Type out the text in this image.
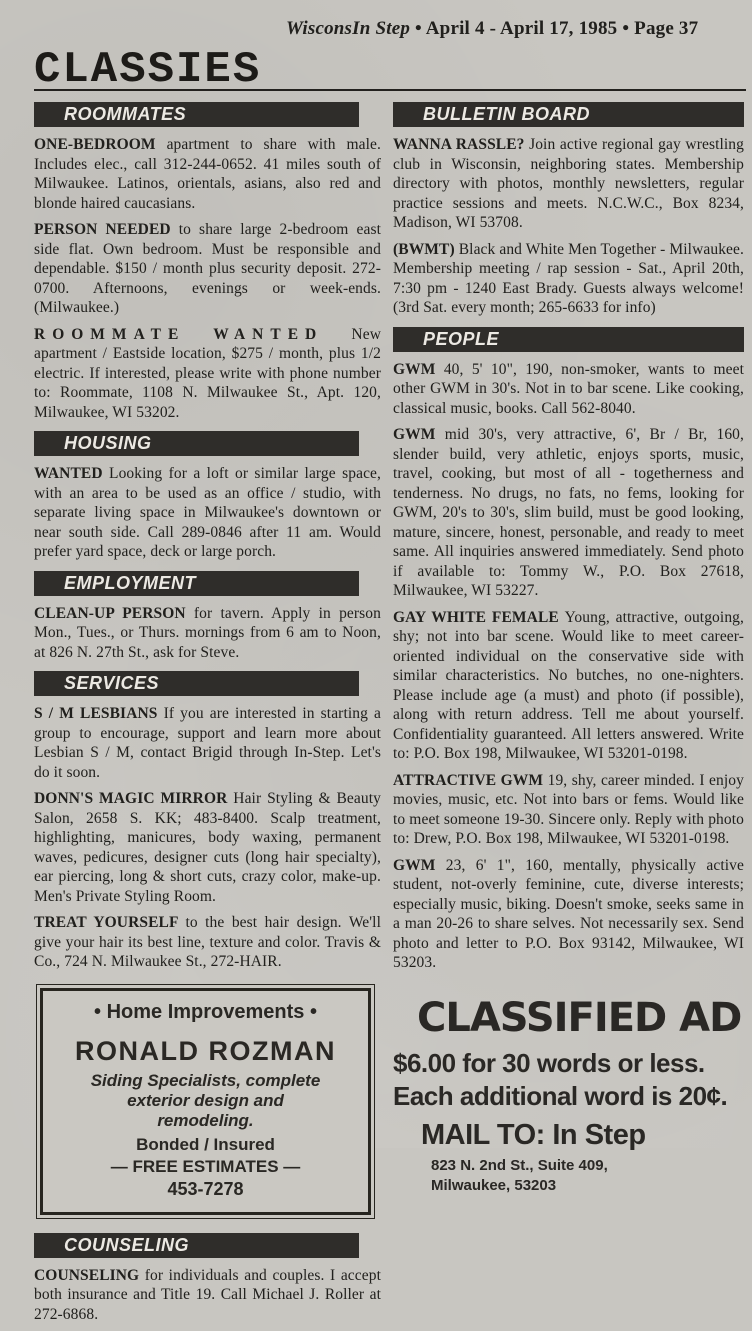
WisconsIn Step • April 4 - April 17, 1985 • Page 37
CLASSIES
ROOMMATES

ONE-BEDROOM apartment to share with male. Includes elec., call 312-244-0652. 41 miles south of Milwaukee. Latinos, orientals, asians, also red and blonde haired caucasians.

PERSON NEEDED to share large 2-bedroom east side flat. Own bedroom. Must be responsible and dependable. $150 / month plus security deposit. 272-0700. Afternoons, evenings or week-ends. (Milwaukee.)

ROOMMATE WANTED New apartment / Eastside location, $275 / month, plus 1/2 electric. If interested, please write with phone number to: Roommate, 1108 N. Milwaukee St., Apt. 120, Milwaukee, WI 53202.

HOUSING

WANTED Looking for a loft or similar large space, with an area to be used as an office / studio, with separate living space in Milwaukee's downtown or near south side. Call 289-0846 after 11 am. Would prefer yard space, deck or large porch.

EMPLOYMENT

CLEAN-UP PERSON for tavern. Apply in person Mon., Tues., or Thurs. mornings from 6 am to Noon, at 826 N. 27th St., ask for Steve.

SERVICES

S / M LESBIANS If you are interested in starting a group to encourage, support and learn more about Lesbian S / M, contact Brigid through In-Step. Let's do it soon.

DONN'S MAGIC MIRROR Hair Styling & Beauty Salon, 2658 S. KK; 483-8400. Scalp treatment, highlighting, manicures, body waxing, permanent waves, pedicures, designer cuts (long hair specialty), ear piercing, long & short cuts, crazy color, make-up. Men's Private Styling Room.

TREAT YOURSELF to the best hair design. We'll give your hair its best line, texture and color. Travis & Co., 724 N. Milwaukee St., 272-HAIR.

• Home Improvements •
RONALD ROZMAN
Siding Specialists, complete exterior design and remodeling.
Bonded / Insured
— FREE ESTIMATES —
453-7278
COUNSELING

COUNSELING for individuals and couples. I accept both insurance and Title 19. Call Michael J. Roller at 272-6868.

BULLETIN BOARD

WANNA RASSLE? Join active regional gay wrestling club in Wisconsin, neighboring states. Membership directory with photos, monthly newsletters, regular practice sessions and meets. N.C.W.C., Box 8234, Madison, WI 53708.

(BWMT) Black and White Men Together - Milwaukee. Membership meeting / rap session - Sat., April 20th, 7:30 pm - 1240 East Brady. Guests always welcome! (3rd Sat. every month; 265-6633 for info)

PEOPLE

GWM 40, 5' 10", 190, non-smoker, wants to meet other GWM in 30's. Not in to bar scene. Like cooking, classical music, books. Call 562-8040.

GWM mid 30's, very attractive, 6', Br / Br, 160, slender build, very athletic, enjoys sports, music, travel, cooking, but most of all - togetherness and tenderness. No drugs, no fats, no fems, looking for GWM, 20's to 30's, slim build, must be good looking, mature, sincere, honest, personable, and ready to meet same. All inquiries answered immediately. Send photo if available to: Tommy W., P.O. Box 27618, Milwaukee, WI 53227.

GAY WHITE FEMALE Young, attractive, outgoing, shy; not into bar scene. Would like to meet career-oriented individual on the conservative side with similar characteristics. No butches, no one-nighters. Please include age (a must) and photo (if possible), along with return address. Tell me about yourself. Confidentiality guaranteed. All letters answered. Write to: P.O. Box 198, Milwaukee, WI 53201-0198.

ATTRACTIVE GWM 19, shy, career minded. I enjoy movies, music, etc. Not into bars or fems. Would like to meet someone 19-30. Sincere only. Reply with photo to: Drew, P.O. Box 198, Milwaukee, WI 53201-0198.

GWM 23, 6' 1", 160, mentally, physically active student, not-overly feminine, cute, diverse interests; especially music, biking. Doesn't smoke, seeks same in a man 20-26 to share selves. Not necessarily sex. Send photo and letter to P.O. Box 93142, Milwaukee, WI 53203.

CLASSIFIED AD
$6.00 for 30 words or less. Each additional word is 20¢.
MAIL TO: In Step
823 N. 2nd St., Suite 409,
Milwaukee, 53203
